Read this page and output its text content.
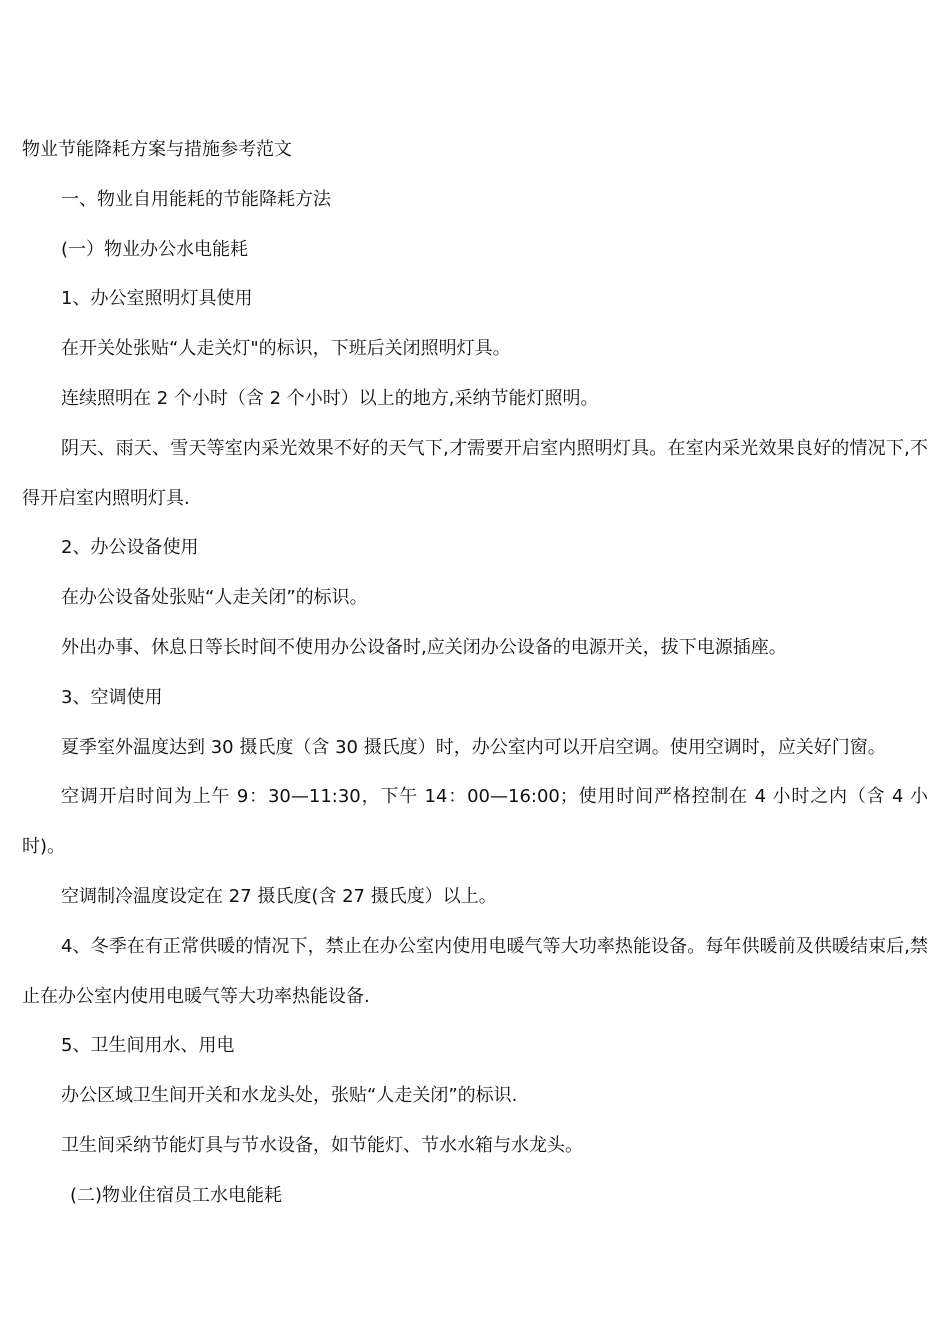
物业节能降耗方案与措施参考范文
一、物业自用能耗的节能降耗方法
(一）物业办公水电能耗
1、办公室照明灯具使用
在开关处张贴“人走关灯"的标识，下班后关闭照明灯具。
连续照明在 2 个小时（含 2 个小时）以上的地方,采纳节能灯照明。
阴天、雨天、雪天等室内采光效果不好的天气下,才需要开启室内照明灯具。在室内采光效果良好的情况下,不得开启室内照明灯具.
2、办公设备使用
在办公设备处张贴“人走关闭”的标识。
外出办事、休息日等长时间不使用办公设备时,应关闭办公设备的电源开关，拔下电源插座。
3、空调使用
夏季室外温度达到 30 摄氏度（含 30 摄氏度）时，办公室内可以开启空调。使用空调时，应关好门窗。
空调开启时间为上午 9：30—11:30，下午 14：00—16:00；使用时间严格控制在 4 小时之内（含 4 小时)。
空调制冷温度设定在 27 摄氏度(含 27 摄氏度）以上。
4、冬季在有正常供暖的情况下，禁止在办公室内使用电暖气等大功率热能设备。每年供暖前及供暖结束后,禁止在办公室内使用电暖气等大功率热能设备.
5、卫生间用水、用电
办公区域卫生间开关和水龙头处，张贴“人走关闭”的标识.
卫生间采纳节能灯具与节水设备，如节能灯、节水水箱与水龙头。
(二)物业住宿员工水电能耗
